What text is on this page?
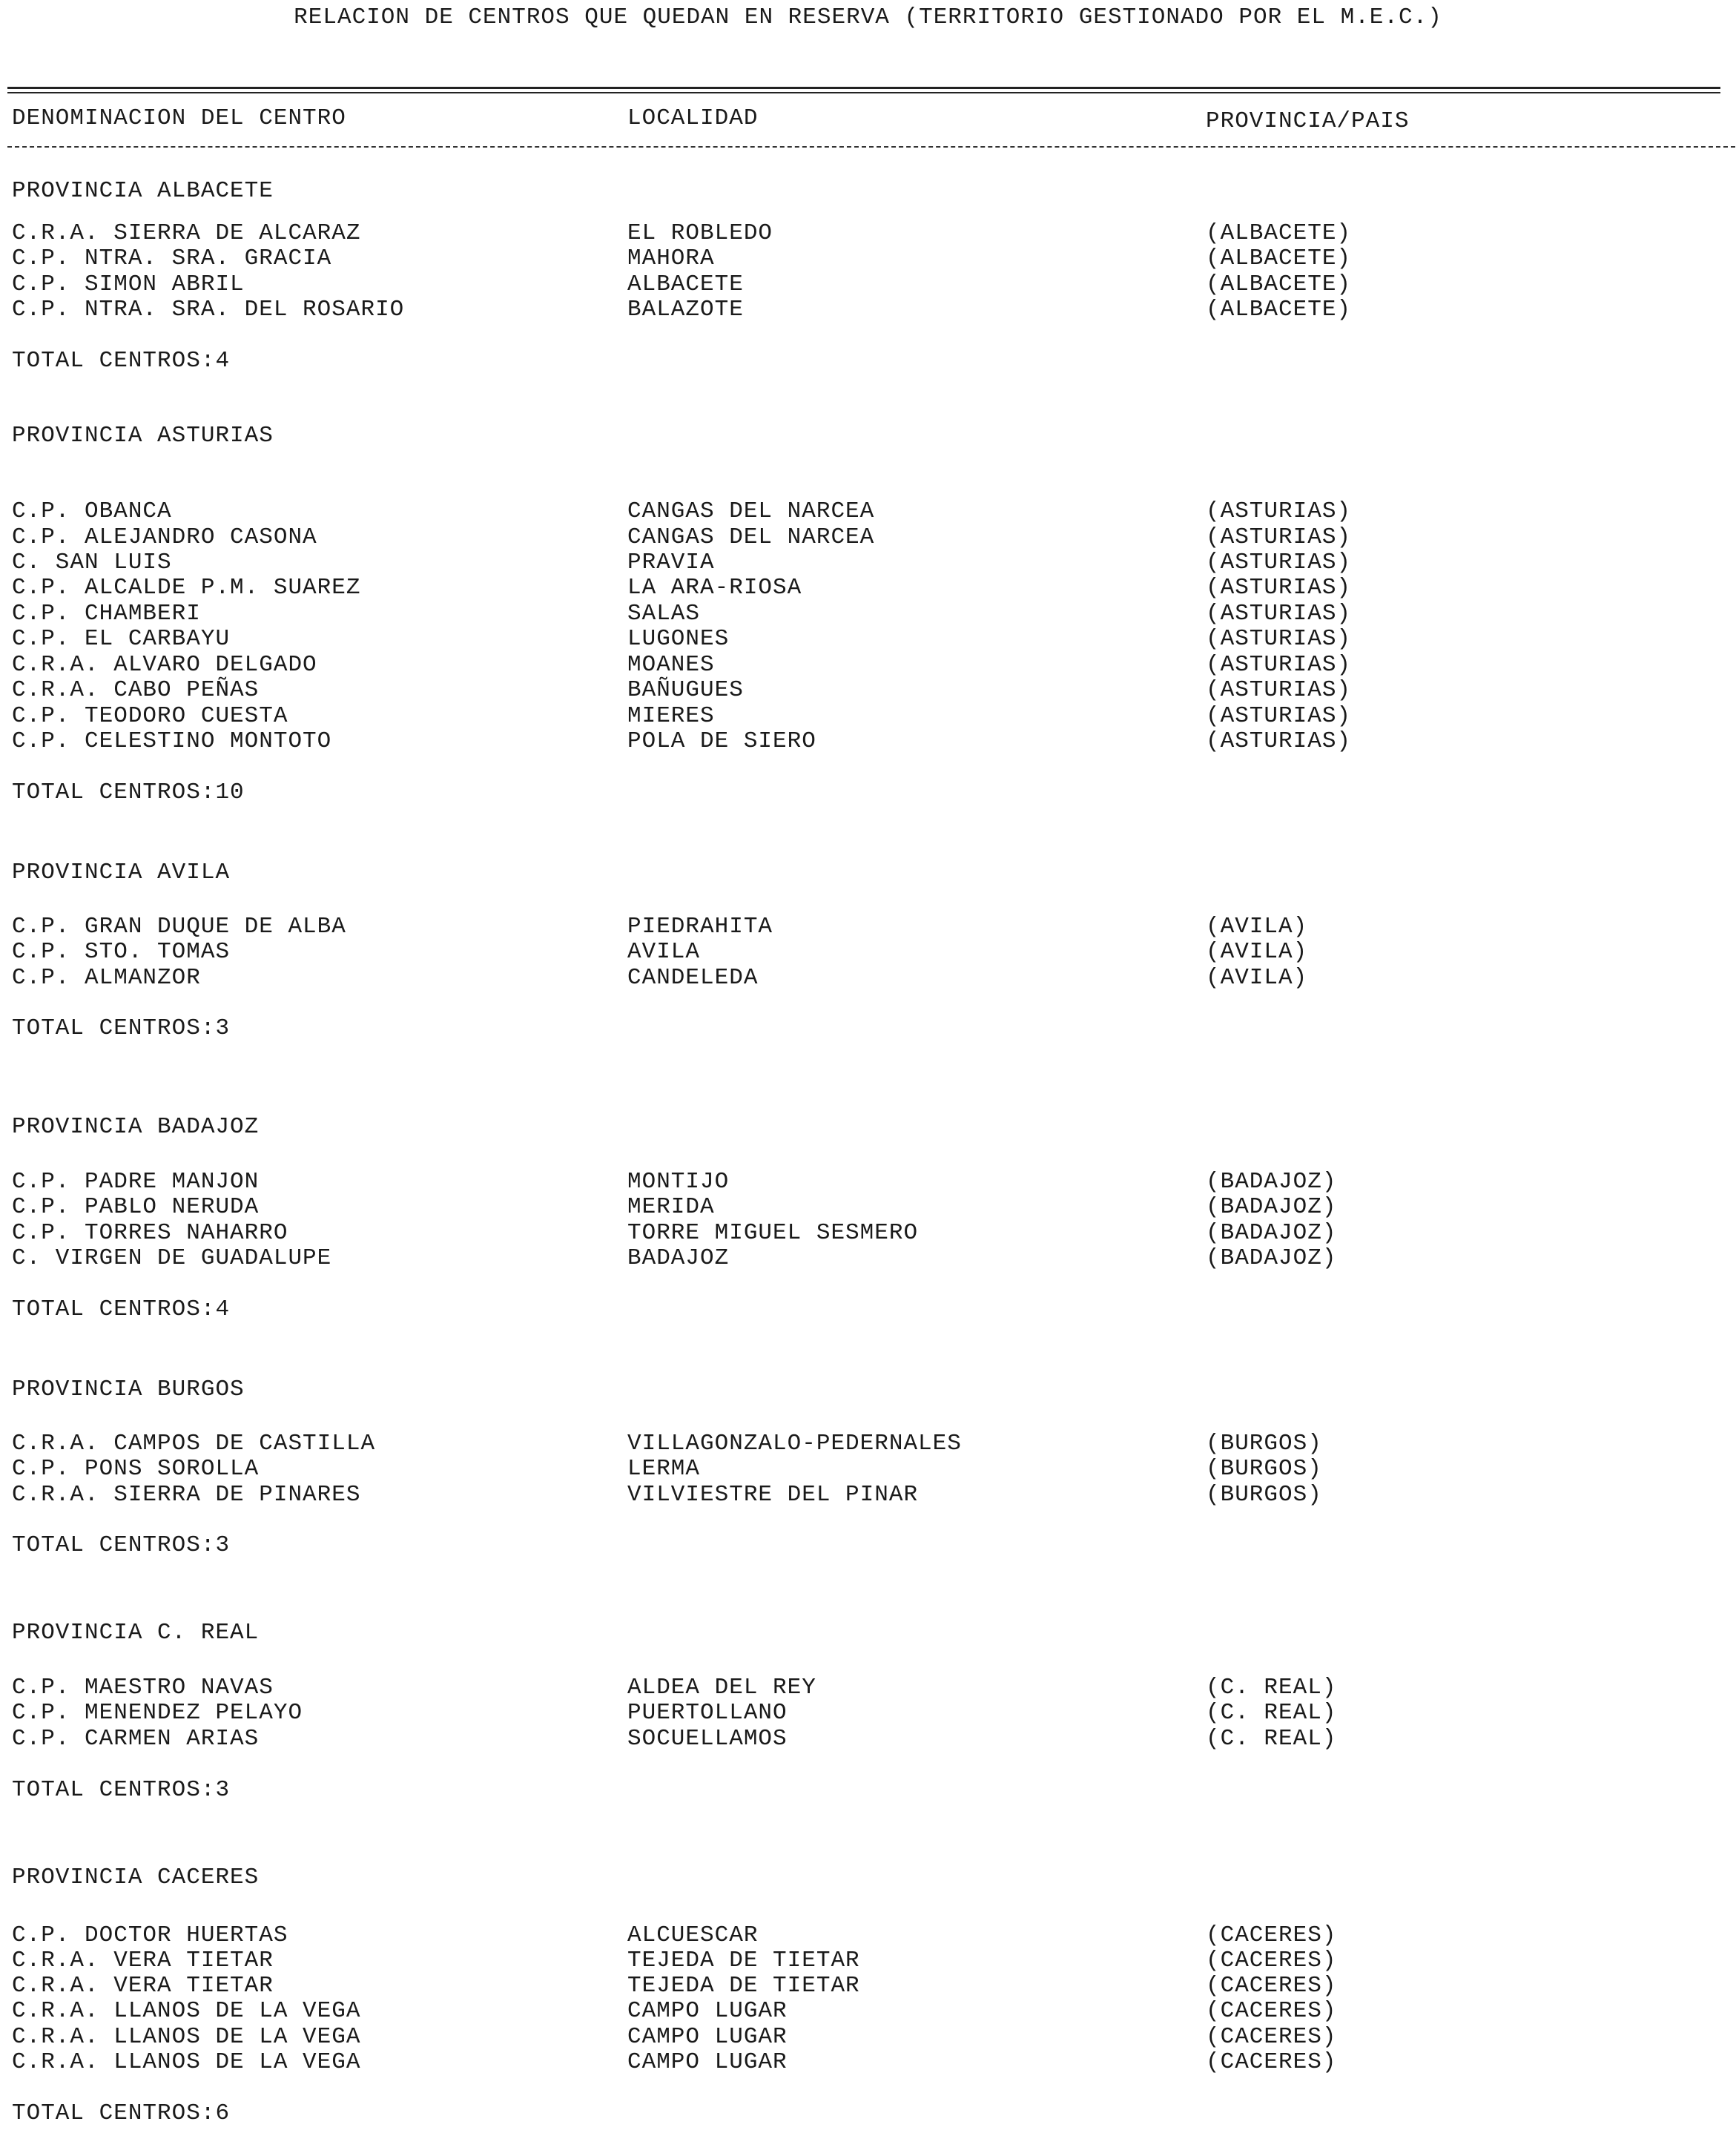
RELACION DE CENTROS QUE QUEDAN EN RESERVA (TERRITORIO GESTIONADO POR EL M.E.C.)
DENOMINACION DEL CENTRO	LOCALIDAD	PROVINCIA/PAIS
PROVINCIA ALBACETE
C.R.A. SIERRA DE ALCARAZ	EL ROBLEDO	(ALBACETE)
C.P. NTRA. SRA. GRACIA	MAHORA	(ALBACETE)
C.P. SIMON ABRIL	ALBACETE	(ALBACETE)
C.P. NTRA. SRA. DEL ROSARIO	BALAZOTE	(ALBACETE)
TOTAL CENTROS:4
PROVINCIA ASTURIAS
C.P. OBANCA	CANGAS DEL NARCEA	(ASTURIAS)
C.P. ALEJANDRO CASONA	CANGAS DEL NARCEA	(ASTURIAS)
C. SAN LUIS	PRAVIA	(ASTURIAS)
C.P. ALCALDE P.M. SUAREZ	LA ARA-RIOSA	(ASTURIAS)
C.P. CHAMBERI	SALAS	(ASTURIAS)
C.P. EL CARBAYU	LUGONES	(ASTURIAS)
C.R.A. ALVARO DELGADO	MOANES	(ASTURIAS)
C.R.A. CABO PEÑAS	BAÑUGUES	(ASTURIAS)
C.P. TEODORO CUESTA	MIERES	(ASTURIAS)
C.P. CELESTINO MONTOTO	POLA DE SIERO	(ASTURIAS)
TOTAL CENTROS:10
PROVINCIA AVILA
C.P. GRAN DUQUE DE ALBA	PIEDRAHITA	(AVILA)
C.P. STO. TOMAS	AVILA	(AVILA)
C.P. ALMANZOR	CANDELEDA	(AVILA)
TOTAL CENTROS:3
PROVINCIA BADAJOZ
C.P. PADRE MANJON	MONTIJO	(BADAJOZ)
C.P. PABLO NERUDA	MERIDA	(BADAJOZ)
C.P. TORRES NAHARRO	TORRE MIGUEL SESMERO	(BADAJOZ)
C. VIRGEN DE GUADALUPE	BADAJOZ	(BADAJOZ)
TOTAL CENTROS:4
PROVINCIA BURGOS
C.R.A. CAMPOS DE CASTILLA	VILLAGONZALO-PEDERNALES	(BURGOS)
C.P. PONS SOROLLA	LERMA	(BURGOS)
C.R.A. SIERRA DE PINARES	VILVIESTRE DEL PINAR	(BURGOS)
TOTAL CENTROS:3
PROVINCIA C. REAL
C.P. MAESTRO NAVAS	ALDEA DEL REY	(C. REAL)
C.P. MENENDEZ PELAYO	PUERTOLLANO	(C. REAL)
C.P. CARMEN ARIAS	SOCUELLAMOS	(C. REAL)
TOTAL CENTROS:3
PROVINCIA CACERES
C.P. DOCTOR HUERTAS	ALCUESCAR	(CACERES)
C.R.A. VERA TIETAR	TEJEDA DE TIETAR	(CACERES)
C.R.A. VERA TIETAR	TEJEDA DE TIETAR	(CACERES)
C.R.A. LLANOS DE LA VEGA	CAMPO LUGAR	(CACERES)
C.R.A. LLANOS DE LA VEGA	CAMPO LUGAR	(CACERES)
C.R.A. LLANOS DE LA VEGA	CAMPO LUGAR	(CACERES)
TOTAL CENTROS:6
